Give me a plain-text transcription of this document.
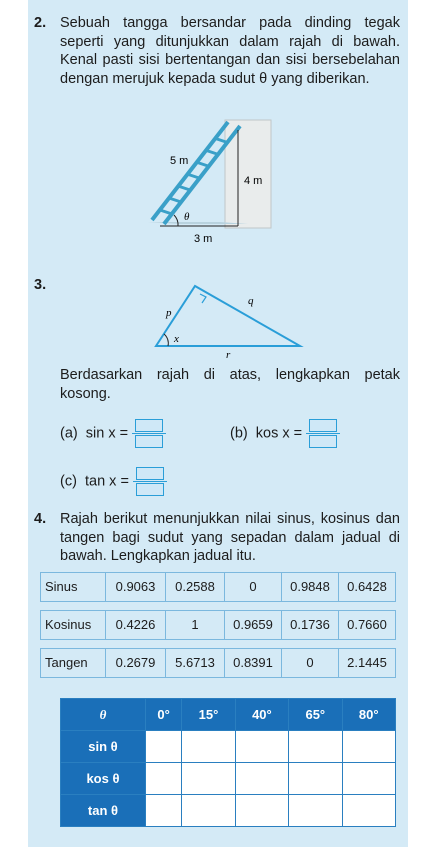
2. Sebuah tangga bersandar pada dinding tegak seperti yang ditunjukkan dalam rajah di bawah. Kenal pasti sisi bertentangan dan sisi bersebelahan dengan merujuk kepada sudut θ yang diberikan.
θ
5 m
4 m
3 m
3.
p
q
r
x
Berdasarkan rajah di atas, lengkapkan petak kosong.
(a) sin x =	(b) kos x =
(c) tan x =
4. Rajah berikut menunjukkan nilai sinus, kosinus dan tangen bagi sudut yang sepadan dalam jadual di bawah. Lengkapkan jadual itu.
Sinus	0.9063	0.2588	0	0.9848	0.6428
Kosinus	0.4226	1	0.9659	0.1736	0.7660
Tangen	0.2679	5.6713	0.8391	0	2.1445
θ	0°	15°	40°	65°	80°
sin θ					
kos θ					
tan θ					
